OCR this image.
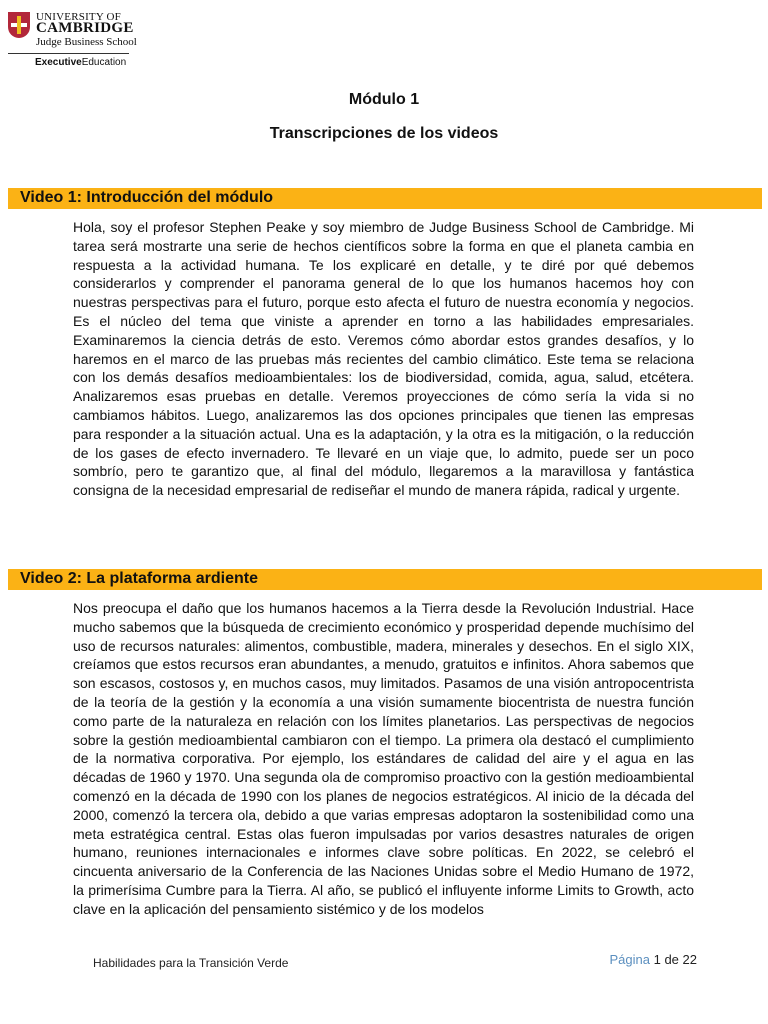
UNIVERSITY OF
CAMBRIDGE
Judge Business School
ExecutiveEducation
Módulo 1
Transcripciones de los videos
Video 1: Introducción del módulo

Hola, soy el profesor Stephen Peake y soy miembro de Judge Business School de Cambridge. Mi tarea será mostrarte una serie de hechos científicos sobre la forma en que el planeta cambia en respuesta a la actividad humana. Te los explicaré en detalle, y te diré por qué debemos considerarlos y comprender el panorama general de lo que los humanos hacemos hoy con nuestras perspectivas para el futuro, porque esto afecta el futuro de nuestra economía y negocios. Es el núcleo del tema que viniste a aprender en torno a las habilidades empresariales. Examinaremos la ciencia detrás de esto. Veremos cómo abordar estos grandes desafíos, y lo haremos en el marco de las pruebas más recientes del cambio climático. Este tema se relaciona con los demás desafíos medioambientales: los de biodiversidad, comida, agua, salud, etcétera. Analizaremos esas pruebas en detalle. Veremos proyecciones de cómo sería la vida si no cambiamos hábitos. Luego, analizaremos las dos opciones principales que tienen las empresas para responder a la situación actual. Una es la adaptación, y la otra es la mitigación, o la reducción de los gases de efecto invernadero. Te llevaré en un viaje que, lo admito, puede ser un poco sombrío, pero te garantizo que, al final del módulo, llegaremos a la maravillosa y fantástica consigna de la necesidad empresarial de rediseñar el mundo de manera rápida, radical y urgente.

Video 2: La plataforma ardiente

Nos preocupa el daño que los humanos hacemos a la Tierra desde la Revolución Industrial. Hace mucho sabemos que la búsqueda de crecimiento económico y prosperidad depende muchísimo del uso de recursos naturales: alimentos, combustible, madera, minerales y desechos. En el siglo XIX, creíamos que estos recursos eran abundantes, a menudo, gratuitos e infinitos. Ahora sabemos que son escasos, costosos y, en muchos casos, muy limitados. Pasamos de una visión antropocentrista de la teoría de la gestión y la economía a una visión sumamente biocentrista de nuestra función como parte de la naturaleza en relación con los límites planetarios. Las perspectivas de negocios sobre la gestión medioambiental cambiaron con el tiempo. La primera ola destacó el cumplimiento de la normativa corporativa. Por ejemplo, los estándares de calidad del aire y el agua en las décadas de 1960 y 1970. Una segunda ola de compromiso proactivo con la gestión medioambiental comenzó en la década de 1990 con los planes de negocios estratégicos. Al inicio de la década del 2000, comenzó la tercera ola, debido a que varias empresas adoptaron la sostenibilidad como una meta estratégica central. Estas olas fueron impulsadas por varios desastres naturales de origen humano, reuniones internacionales e informes clave sobre políticas. En 2022, se celebró el cincuenta aniversario de la Conferencia de las Naciones Unidas sobre el Medio Humano de 1972, la primerísima Cumbre para la Tierra. Al año, se publicó el influyente informe Limits to Growth, acto clave en la aplicación del pensamiento sistémico y de los modelos

Habilidades para la Transición Verde	Página 1 de 22
